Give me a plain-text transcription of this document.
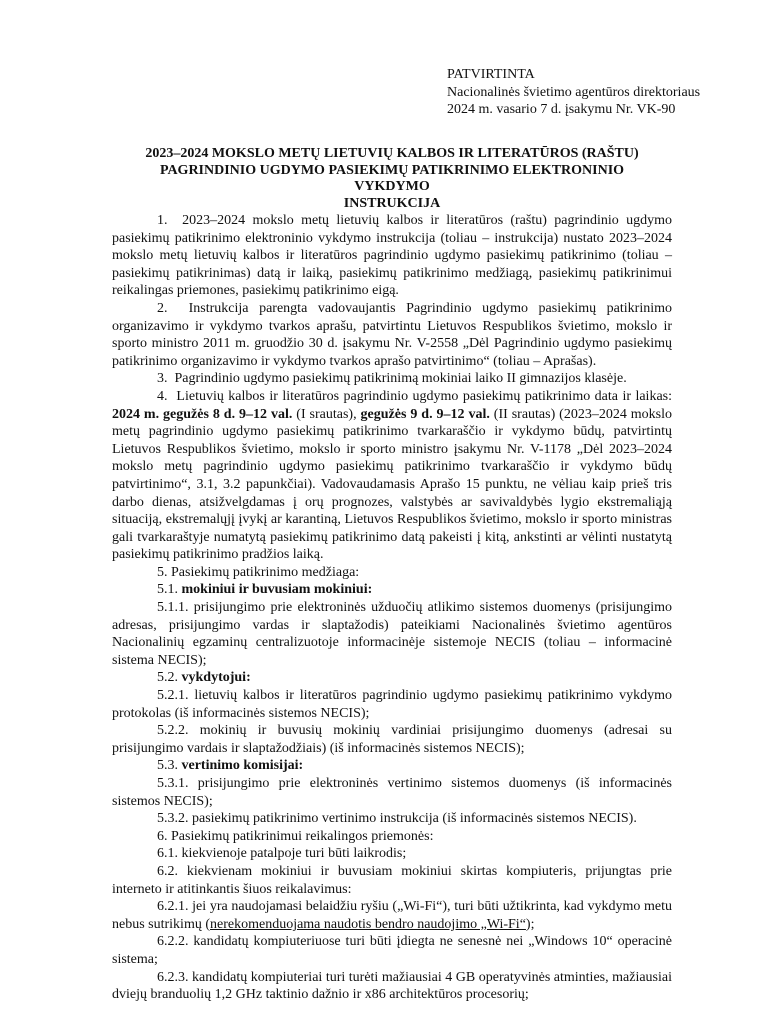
PATVIRTINTA
Nacionalinės švietimo agentūros direktoriaus
2024 m. vasario 7 d. įsakymu Nr. VK-90
2023–2024 MOKSLO METŲ LIETUVIŲ KALBOS IR LITERATŪROS (RAŠTU)
PAGRINDINIO UGDYMO PASIEKIMŲ PATIKRINIMO ELEKTRONINIO VYKDYMO
INSTRUKCIJA

1.  2023–2024 mokslo metų lietuvių kalbos ir literatūros (raštu) pagrindinio ugdymo pasiekimų patikrinimo elektroninio vykdymo instrukcija (toliau – instrukcija) nustato 2023–2024 mokslo metų lietuvių kalbos ir literatūros pagrindinio ugdymo pasiekimų patikrinimo (toliau – pasiekimų patikrinimas) datą ir laiką, pasiekimų patikrinimo medžiagą, pasiekimų patikrinimui reikalingas priemones, pasiekimų patikrinimo eigą.

2.  Instrukcija parengta vadovaujantis Pagrindinio ugdymo pasiekimų patikrinimo organizavimo ir vykdymo tvarkos aprašu, patvirtintu Lietuvos Respublikos švietimo, mokslo ir sporto ministro 2011 m. gruodžio 30 d. įsakymu Nr. V-2558 „Dėl Pagrindinio ugdymo pasiekimų patikrinimo organizavimo ir vykdymo tvarkos aprašo patvirtinimo“ (toliau – Aprašas).

3.  Pagrindinio ugdymo pasiekimų patikrinimą mokiniai laiko II gimnazijos klasėje.

4.  Lietuvių kalbos ir literatūros pagrindinio ugdymo pasiekimų patikrinimo data ir laikas: 2024 m. gegužės 8 d. 9–12 val. (I srautas), gegužės 9 d. 9–12 val. (II srautas) (2023–2024 mokslo metų pagrindinio ugdymo pasiekimų patikrinimo tvarkaraščio ir vykdymo būdų, patvirtintų Lietuvos Respublikos švietimo, mokslo ir sporto ministro įsakymu Nr. V-1178 „Dėl 2023–2024 mokslo metų pagrindinio ugdymo pasiekimų patikrinimo tvarkaraščio ir vykdymo būdų patvirtinimo“, 3.1, 3.2 papunkčiai). Vadovaudamasis Aprašo 15 punktu, ne vėliau kaip prieš tris darbo dienas, atsižvelgdamas į orų prognozes, valstybės ar savivaldybės lygio ekstremaliąją situaciją, ekstremalųjį įvykį ar karantiną, Lietuvos Respublikos švietimo, mokslo ir sporto ministras gali tvarkaraštyje numatytą pasiekimų patikrinimo datą pakeisti į kitą, ankstinti ar vėlinti nustatytą pasiekimų patikrinimo pradžios laiką.

5. Pasiekimų patikrinimo medžiaga:

5.1. mokiniui ir buvusiam mokiniui:

5.1.1. prisijungimo prie elektroninės užduočių atlikimo sistemos duomenys (prisijungimo adresas, prisijungimo vardas ir slaptažodis) pateikiami Nacionalinės švietimo agentūros Nacionalinių egzaminų centralizuotoje informacinėje sistemoje NECIS (toliau – informacinė sistema NECIS);

5.2. vykdytojui:

5.2.1. lietuvių kalbos ir literatūros pagrindinio ugdymo pasiekimų patikrinimo vykdymo protokolas (iš informacinės sistemos NECIS);

5.2.2. mokinių ir buvusių mokinių vardiniai prisijungimo duomenys (adresai su prisijungimo vardais ir slaptažodžiais) (iš informacinės sistemos NECIS);

5.3. vertinimo komisijai:

5.3.1. prisijungimo prie elektroninės vertinimo sistemos duomenys (iš informacinės sistemos NECIS);

5.3.2. pasiekimų patikrinimo vertinimo instrukcija (iš informacinės sistemos NECIS).

6. Pasiekimų patikrinimui reikalingos priemonės:

6.1. kiekvienoje patalpoje turi būti laikrodis;

6.2. kiekvienam mokiniui ir buvusiam mokiniui skirtas kompiuteris, prijungtas prie interneto ir atitinkantis šiuos reikalavimus:

6.2.1. jei yra naudojamasi belaidžiu ryšiu („Wi-Fi“), turi būti užtikrinta, kad vykdymo metu nebus sutrikimų (nerekomenduojama naudotis bendro naudojimo „Wi-Fi“);

6.2.2. kandidatų kompiuteriuose turi būti įdiegta ne senesnė nei „Windows 10“ operacinė sistema;

6.2.3. kandidatų kompiuteriai turi turėti mažiausiai 4 GB operatyvinės atminties, mažiausiai dviejų branduolių 1,2 GHz taktinio dažnio ir x86 architektūros procesorių;
